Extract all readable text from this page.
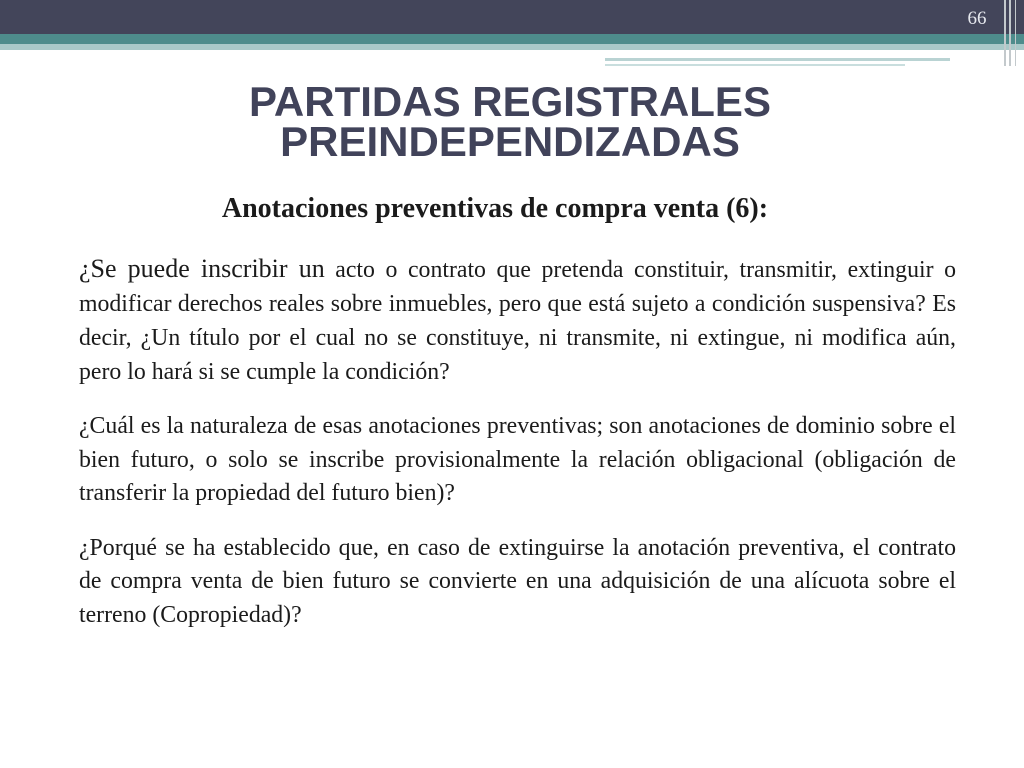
66
PARTIDAS REGISTRALES
PREINDEPENDIZADAS
Anotaciones preventivas de compra venta (6):

¿Se puede inscribir un acto o contrato que pretenda constituir, transmitir, extinguir o modificar derechos reales sobre inmuebles, pero que está sujeto a condición suspensiva? Es decir, ¿Un título por el cual no se constituye, ni transmite, ni extingue, ni modifica aún, pero lo hará si se cumple la condición?

¿Cuál es la naturaleza de esas anotaciones preventivas; son anotaciones de dominio sobre el bien futuro, o solo se inscribe provisionalmente la relación obligacional (obligación de transferir la propiedad del futuro bien)?

¿Porqué se ha establecido que, en caso de extinguirse la anotación preventiva, el contrato de compra venta de bien futuro se convierte en una adquisición de una alícuota sobre el terreno (Copropiedad)?
